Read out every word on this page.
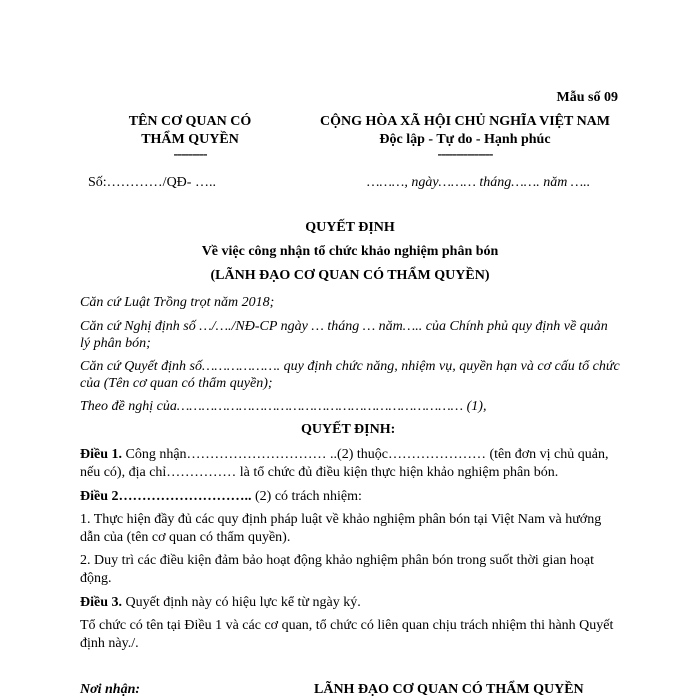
Mẫu số 09
TÊN CƠ QUAN CÓ
THẨM QUYỀN
---------
CỘNG HÒA XÃ HỘI CHỦ NGHĨA VIỆT NAM
Độc lập - Tự do - Hạnh phúc
---------------
Số:…………/QĐ- …..	………, ngày……… tháng……. năm …..
QUYẾT ĐỊNH
Về việc công nhận tổ chức khảo nghiệm phân bón
(LÃNH ĐẠO CƠ QUAN CÓ THẨM QUYỀN)
Căn cứ Luật Trồng trọt năm 2018;
Căn cứ Nghị định số …/…./NĐ-CP ngày … tháng … năm….. của Chính phủ quy định về quản lý phân bón;
Căn cứ Quyết định số………………. quy định chức năng, nhiệm vụ, quyền hạn và cơ cấu tổ chức của (Tên cơ quan có thẩm quyền);
Theo đề nghị của…………………………………………………………… (1),
QUYẾT ĐỊNH:
Điều 1. Công nhận………………………… ..(2) thuộc………………… (tên đơn vị chủ quản, nếu có), địa chỉ…………… là tổ chức đủ điều kiện thực hiện khảo nghiệm phân bón.
Điều 2……………………….. (2) có trách nhiệm:
1. Thực hiện đầy đủ các quy định pháp luật về khảo nghiệm phân bón tại Việt Nam và hướng dẫn của (tên cơ quan có thẩm quyền).
2. Duy trì các điều kiện đảm bảo hoạt động khảo nghiệm phân bón trong suốt thời gian hoạt động.
Điều 3. Quyết định này có hiệu lực kể từ ngày ký.
Tổ chức có tên tại Điều 1 và các cơ quan, tổ chức có liên quan chịu trách nhiệm thi hành Quyết định này./.
Nơi nhận:	LÃNH ĐẠO CƠ QUAN CÓ THẨM QUYỀN
